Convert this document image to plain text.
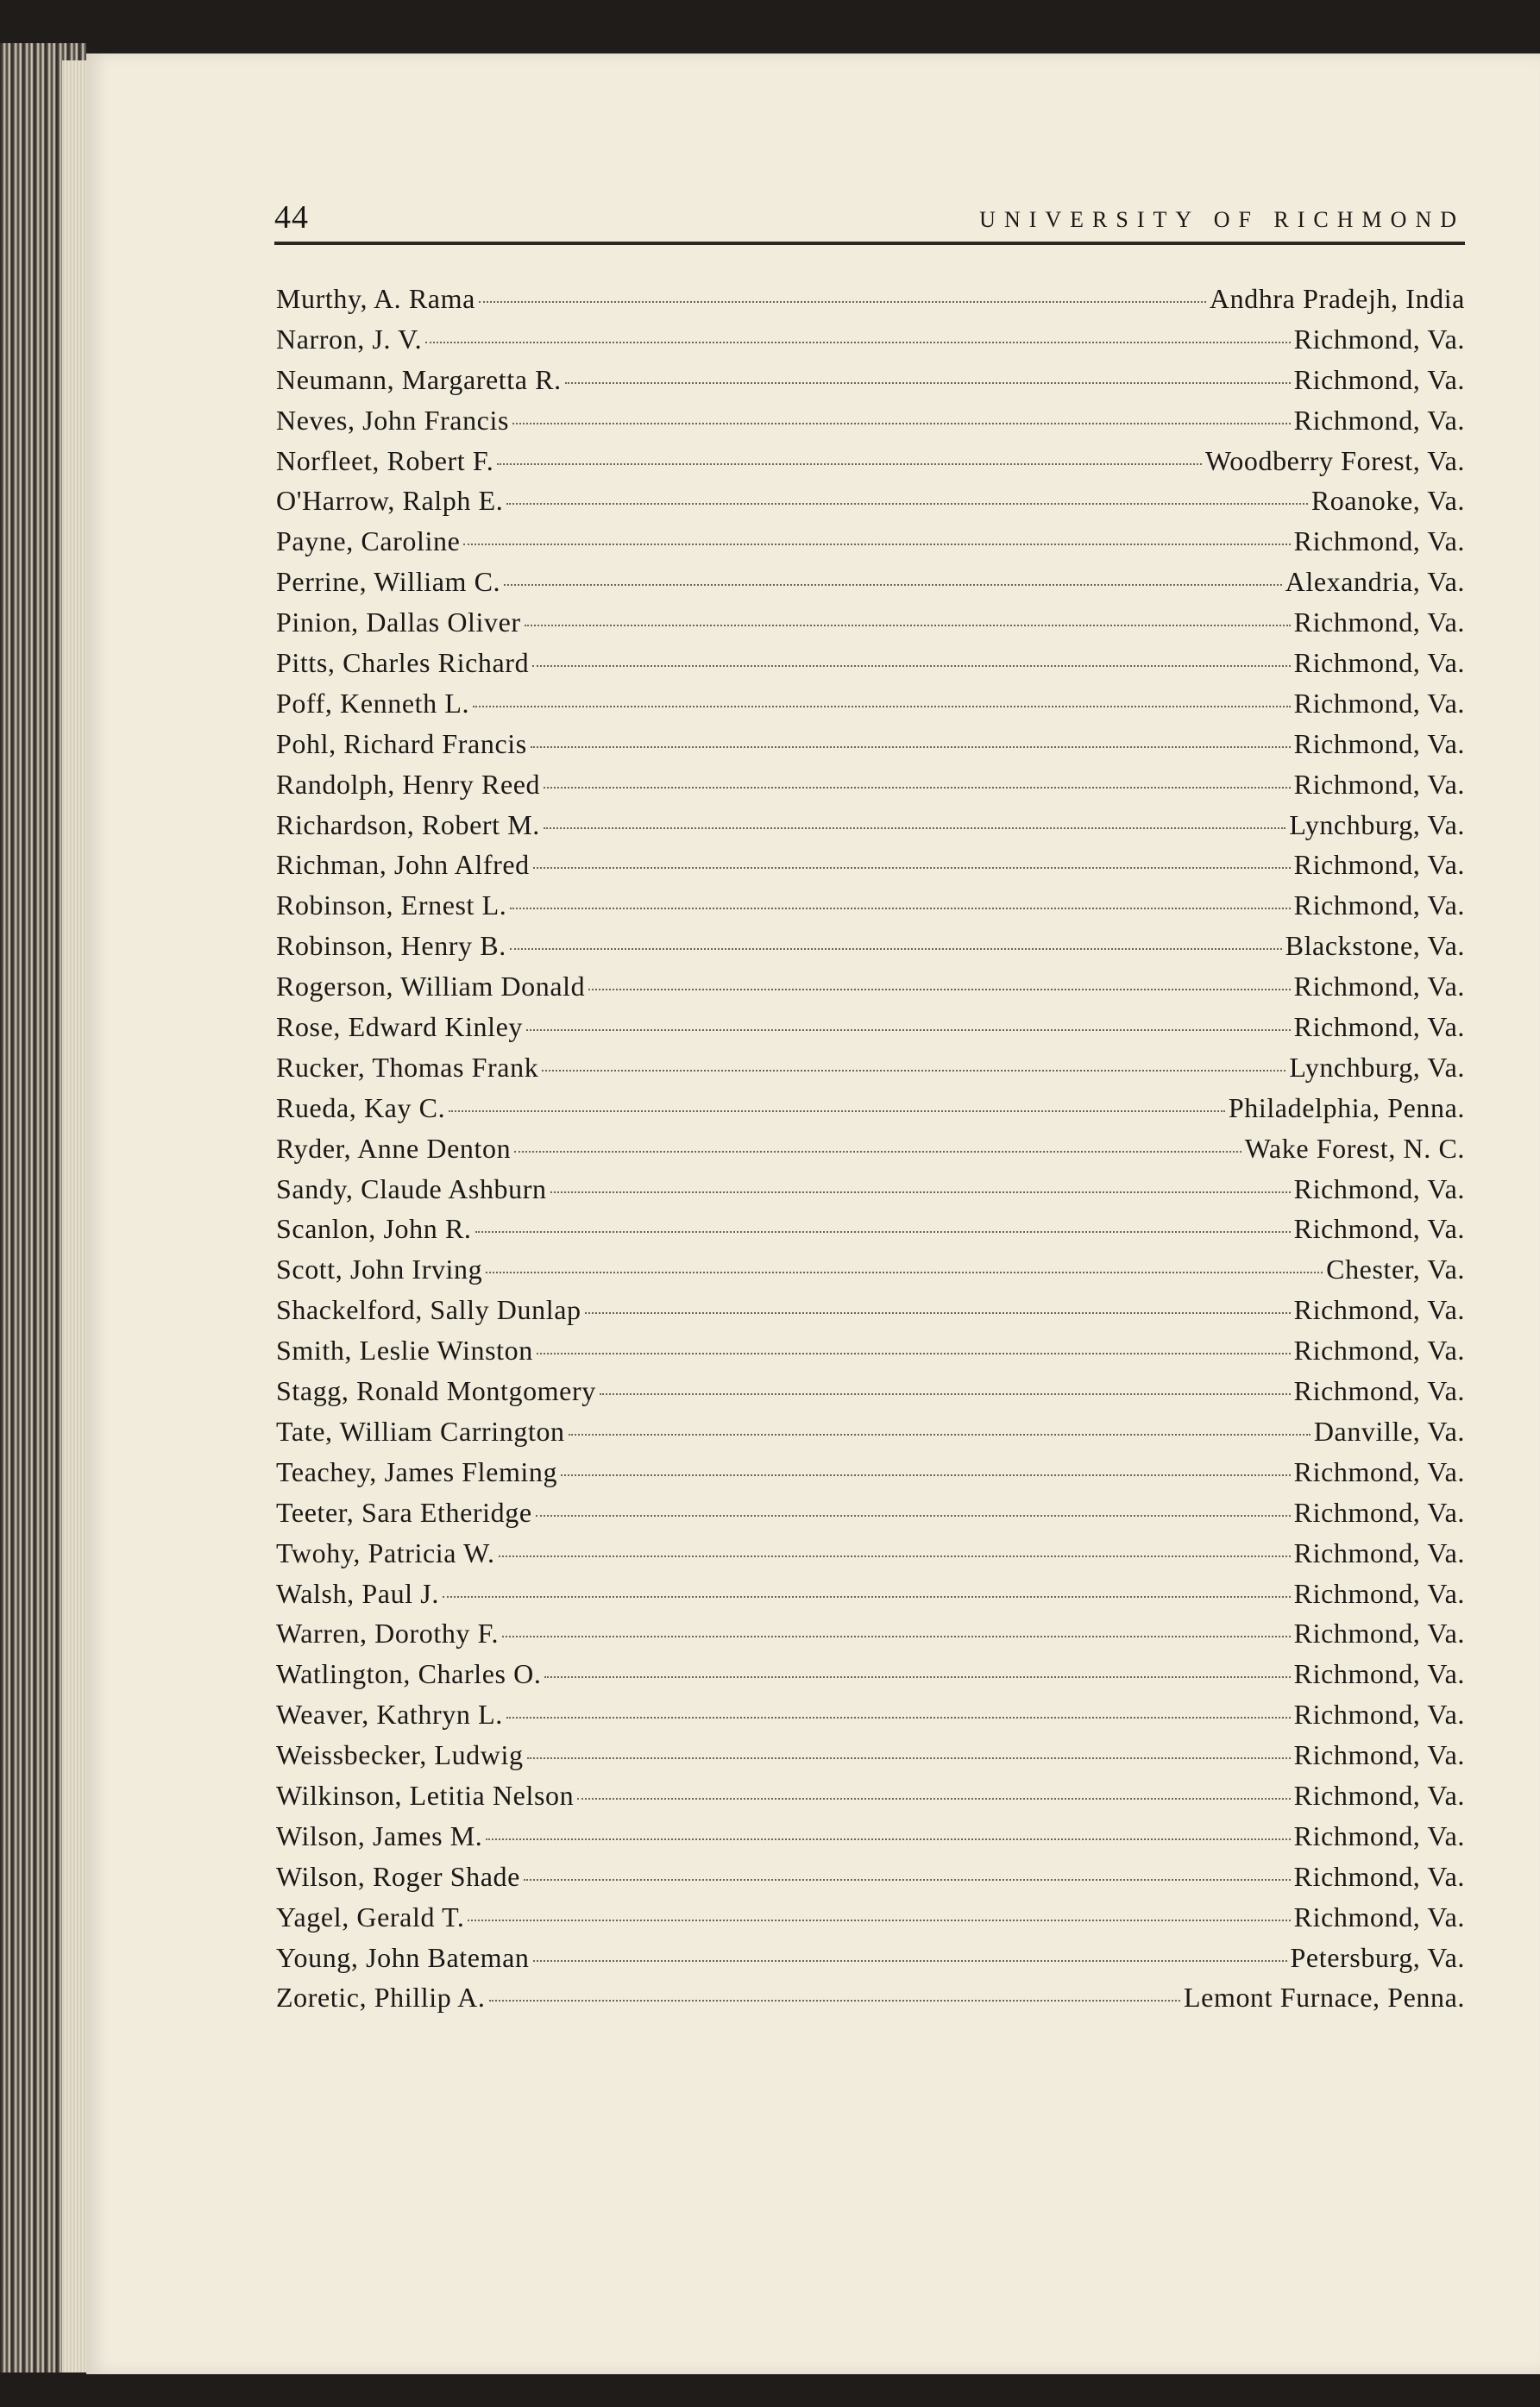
44	UNIVERSITY OF RICHMOND
Murthy, A. Rama	Andhra Pradejh, India
Narron, J. V.	Richmond, Va.
Neumann, Margaretta R.	Richmond, Va.
Neves, John Francis	Richmond, Va.
Norfleet, Robert F.	Woodberry Forest, Va.
O'Harrow, Ralph E.	Roanoke, Va.
Payne, Caroline	Richmond, Va.
Perrine, William C.	Alexandria, Va.
Pinion, Dallas Oliver	Richmond, Va.
Pitts, Charles Richard	Richmond, Va.
Poff, Kenneth L.	Richmond, Va.
Pohl, Richard Francis	Richmond, Va.
Randolph, Henry Reed	Richmond, Va.
Richardson, Robert M.	Lynchburg, Va.
Richman, John Alfred	Richmond, Va.
Robinson, Ernest L.	Richmond, Va.
Robinson, Henry B.	Blackstone, Va.
Rogerson, William Donald	Richmond, Va.
Rose, Edward Kinley	Richmond, Va.
Rucker, Thomas Frank	Lynchburg, Va.
Rueda, Kay C.	Philadelphia, Penna.
Ryder, Anne Denton	Wake Forest, N. C.
Sandy, Claude Ashburn	Richmond, Va.
Scanlon, John R.	Richmond, Va.
Scott, John Irving	Chester, Va.
Shackelford, Sally Dunlap	Richmond, Va.
Smith, Leslie Winston	Richmond, Va.
Stagg, Ronald Montgomery	Richmond, Va.
Tate, William Carrington	Danville, Va.
Teachey, James Fleming	Richmond, Va.
Teeter, Sara Etheridge	Richmond, Va.
Twohy, Patricia W.	Richmond, Va.
Walsh, Paul J.	Richmond, Va.
Warren, Dorothy F.	Richmond, Va.
Watlington, Charles O.	Richmond, Va.
Weaver, Kathryn L.	Richmond, Va.
Weissbecker, Ludwig	Richmond, Va.
Wilkinson, Letitia Nelson	Richmond, Va.
Wilson, James M.	Richmond, Va.
Wilson, Roger Shade	Richmond, Va.
Yagel, Gerald T.	Richmond, Va.
Young, John Bateman	Petersburg, Va.
Zoretic, Phillip A.	Lemont Furnace, Penna.
